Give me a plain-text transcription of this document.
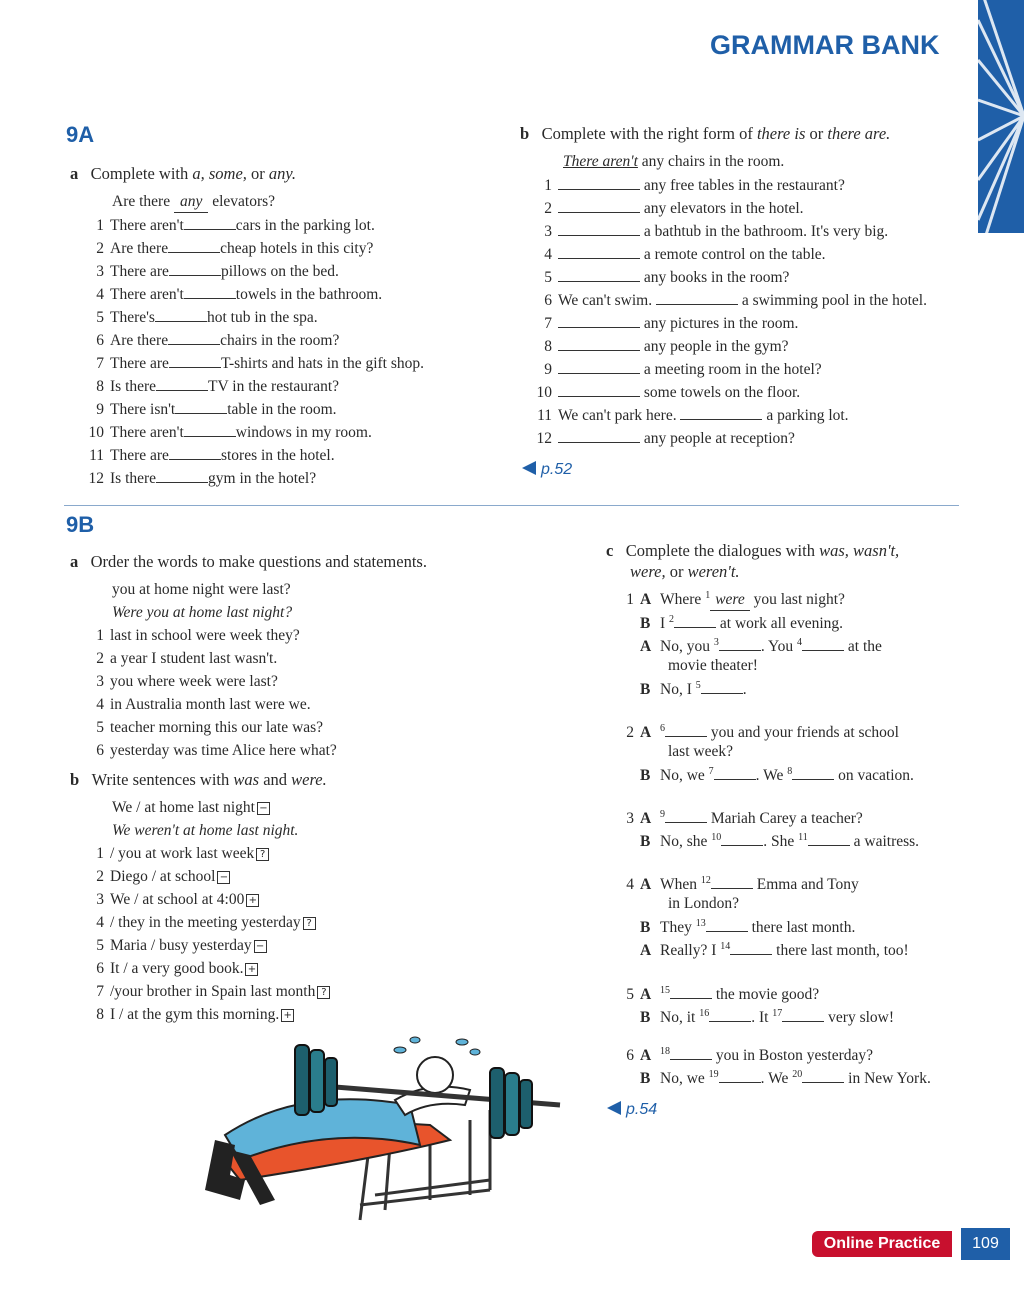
GRAMMAR BANK
9A
a Complete with a, some, or any.
Are there any elevators?
1 There aren't	cars in the parking lot.
2 Are there	cheap hotels in this city?
3 There are	pillows on the bed.
4 There aren't	towels in the bathroom.
5 There's	hot tub in the spa.
6 Are there	chairs in the room?
7 There are	T-shirts and hats in the gift shop.
8 Is there	TV in the restaurant?
9 There isn't	table in the room.
10 There aren't	windows in my room.
11 There are	stores in the hotel.
12 Is there	gym in the hotel?
b Complete with the right form of there is or there are.
There aren't any chairs in the room.
1	any free tables in the restaurant?
2	any elevators in the hotel.
3	a bathtub in the bathroom. It's very big.
4	a remote control on the table.
5	any books in the room?
6 We can't swim.	a swimming pool in the hotel.
7	any pictures in the room.
8	any people in the gym?
9	a meeting room in the hotel?
10	some towels on the floor.
11 We can't park here.	a parking lot.
12	any people at reception?
p.52
9B
a Order the words to make questions and statements.
you at home night were last?
Were you at home last night?
1 last in school were week they?
2 a year I student last wasn't.
3 you where week were last?
4 in Australia month last were we.
5 teacher morning this our late was?
6 yesterday was time Alice here what?
b Write sentences with was and were.
We / at home last night −
We weren't at home last night.
1 / you at work last week ?
2 Diego / at school −
3 We / at school at 4:00 +
4 / they in the meeting yesterday ?
5 Maria / busy yesterday −
6 It / a very good book. +
7 /your brother in Spain last month ?
8 I / at the gym this morning. +
c Complete the dialogues with was, wasn't,
were, or weren't.
1 A Where $^1$ were you last night?
B I $^2$	at work all evening.
A No, you $^3$	. You $^4$	at the
movie theater!
B No, I $^5$	.
2 A $^6$	you and your friends at school
last week?
B No, we $^7$	. We $^8$	on vacation.
3 A $^9$	Mariah Carey a teacher?
B No, she $^{10}$	. She $^{11}$	a waitress.
4 A When $^{12}$	Emma and Tony
in London?
B They $^{13}$	there last month.
A Really? I $^{14}$	there last month, too!
5 A $^{15}$	the movie good?
B No, it $^{16}$	. It $^{17}$	very slow!
6 A $^{18}$	you in Boston yesterday?
B No, we $^{19}$	. We $^{20}$	in New York.
p.54
Online Practice	109
